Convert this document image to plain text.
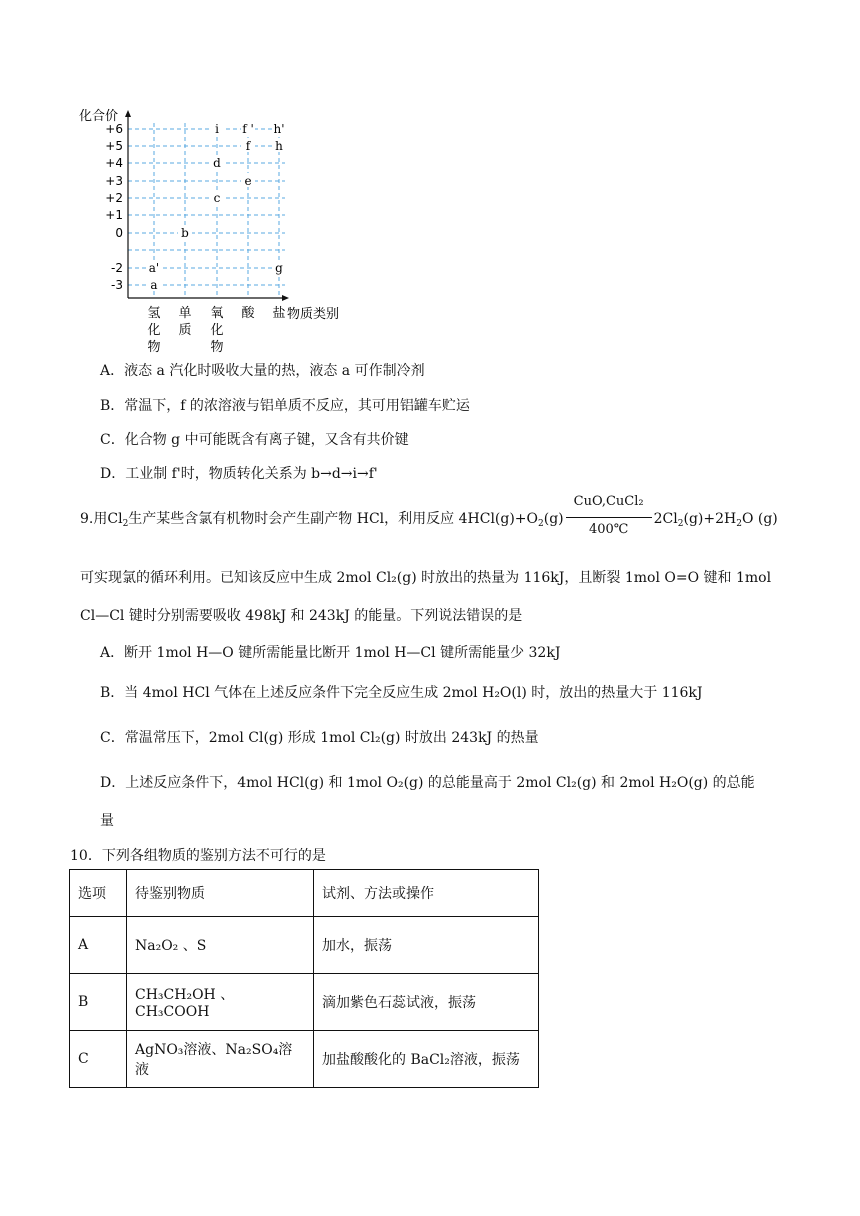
+6
+5
+4
+3
+2
+1
0
-2
-3
氢
化
物
单
质
氧
化
物
酸 盐
i f ' h'
f h
d
e
c
b
a'	g
a
化合价
物质类别
A．液态 a 汽化时吸收大量的热，液态 a 可作制冷剂
B．常温下，f 的浓溶液与铝单质不反应，其可用铝罐车贮运
C．化合物 g 中可能既含有离子键，又含有共价键
D．工业制 f'时，物质转化关系为 b→d→i→f'
9.用$Cl_2$生产某些含氯有机物时会产生副产物 HCl，利用反应 $4HCl(g)+O_2(g) \frac{\text{CuO,CuCl₂}}{400℃} 2Cl_2(g)+2H_2O$ (g)
可实现氯的循环利用。已知该反应中生成 2mol Cl₂(g) 时放出的热量为 116kJ，且断裂 1mol O=O 键和 1mol
Cl—Cl 键时分别需要吸收 498kJ 和 243kJ 的能量。下列说法错误的是
A．断开 1mol H—O 键所需能量比断开 1mol H—Cl 键所需能量少 32kJ
B．当 4mol HCl 气体在上述反应条件下完全反应生成 2mol H₂O(l) 时，放出的热量大于 116kJ
C．常温常压下，2mol Cl(g) 形成 1mol Cl₂(g) 时放出 243kJ 的热量
D．上述反应条件下，4mol HCl(g) 和 1mol O₂(g) 的总能量高于 2mol Cl₂(g) 和 2mol H₂O(g) 的总能
量
10．下列各组物质的鉴别方法不可行的是
选项	待鉴别物质	试剂、方法或操作
A	Na₂O₂ 、S	加水，振荡
B	CH₃CH₂OH 、CH₃COOH	滴加紫色石蕊试液，振荡
C	AgNO₃溶液、Na₂SO₄溶液	加盐酸酸化的 BaCl₂溶液，振荡
